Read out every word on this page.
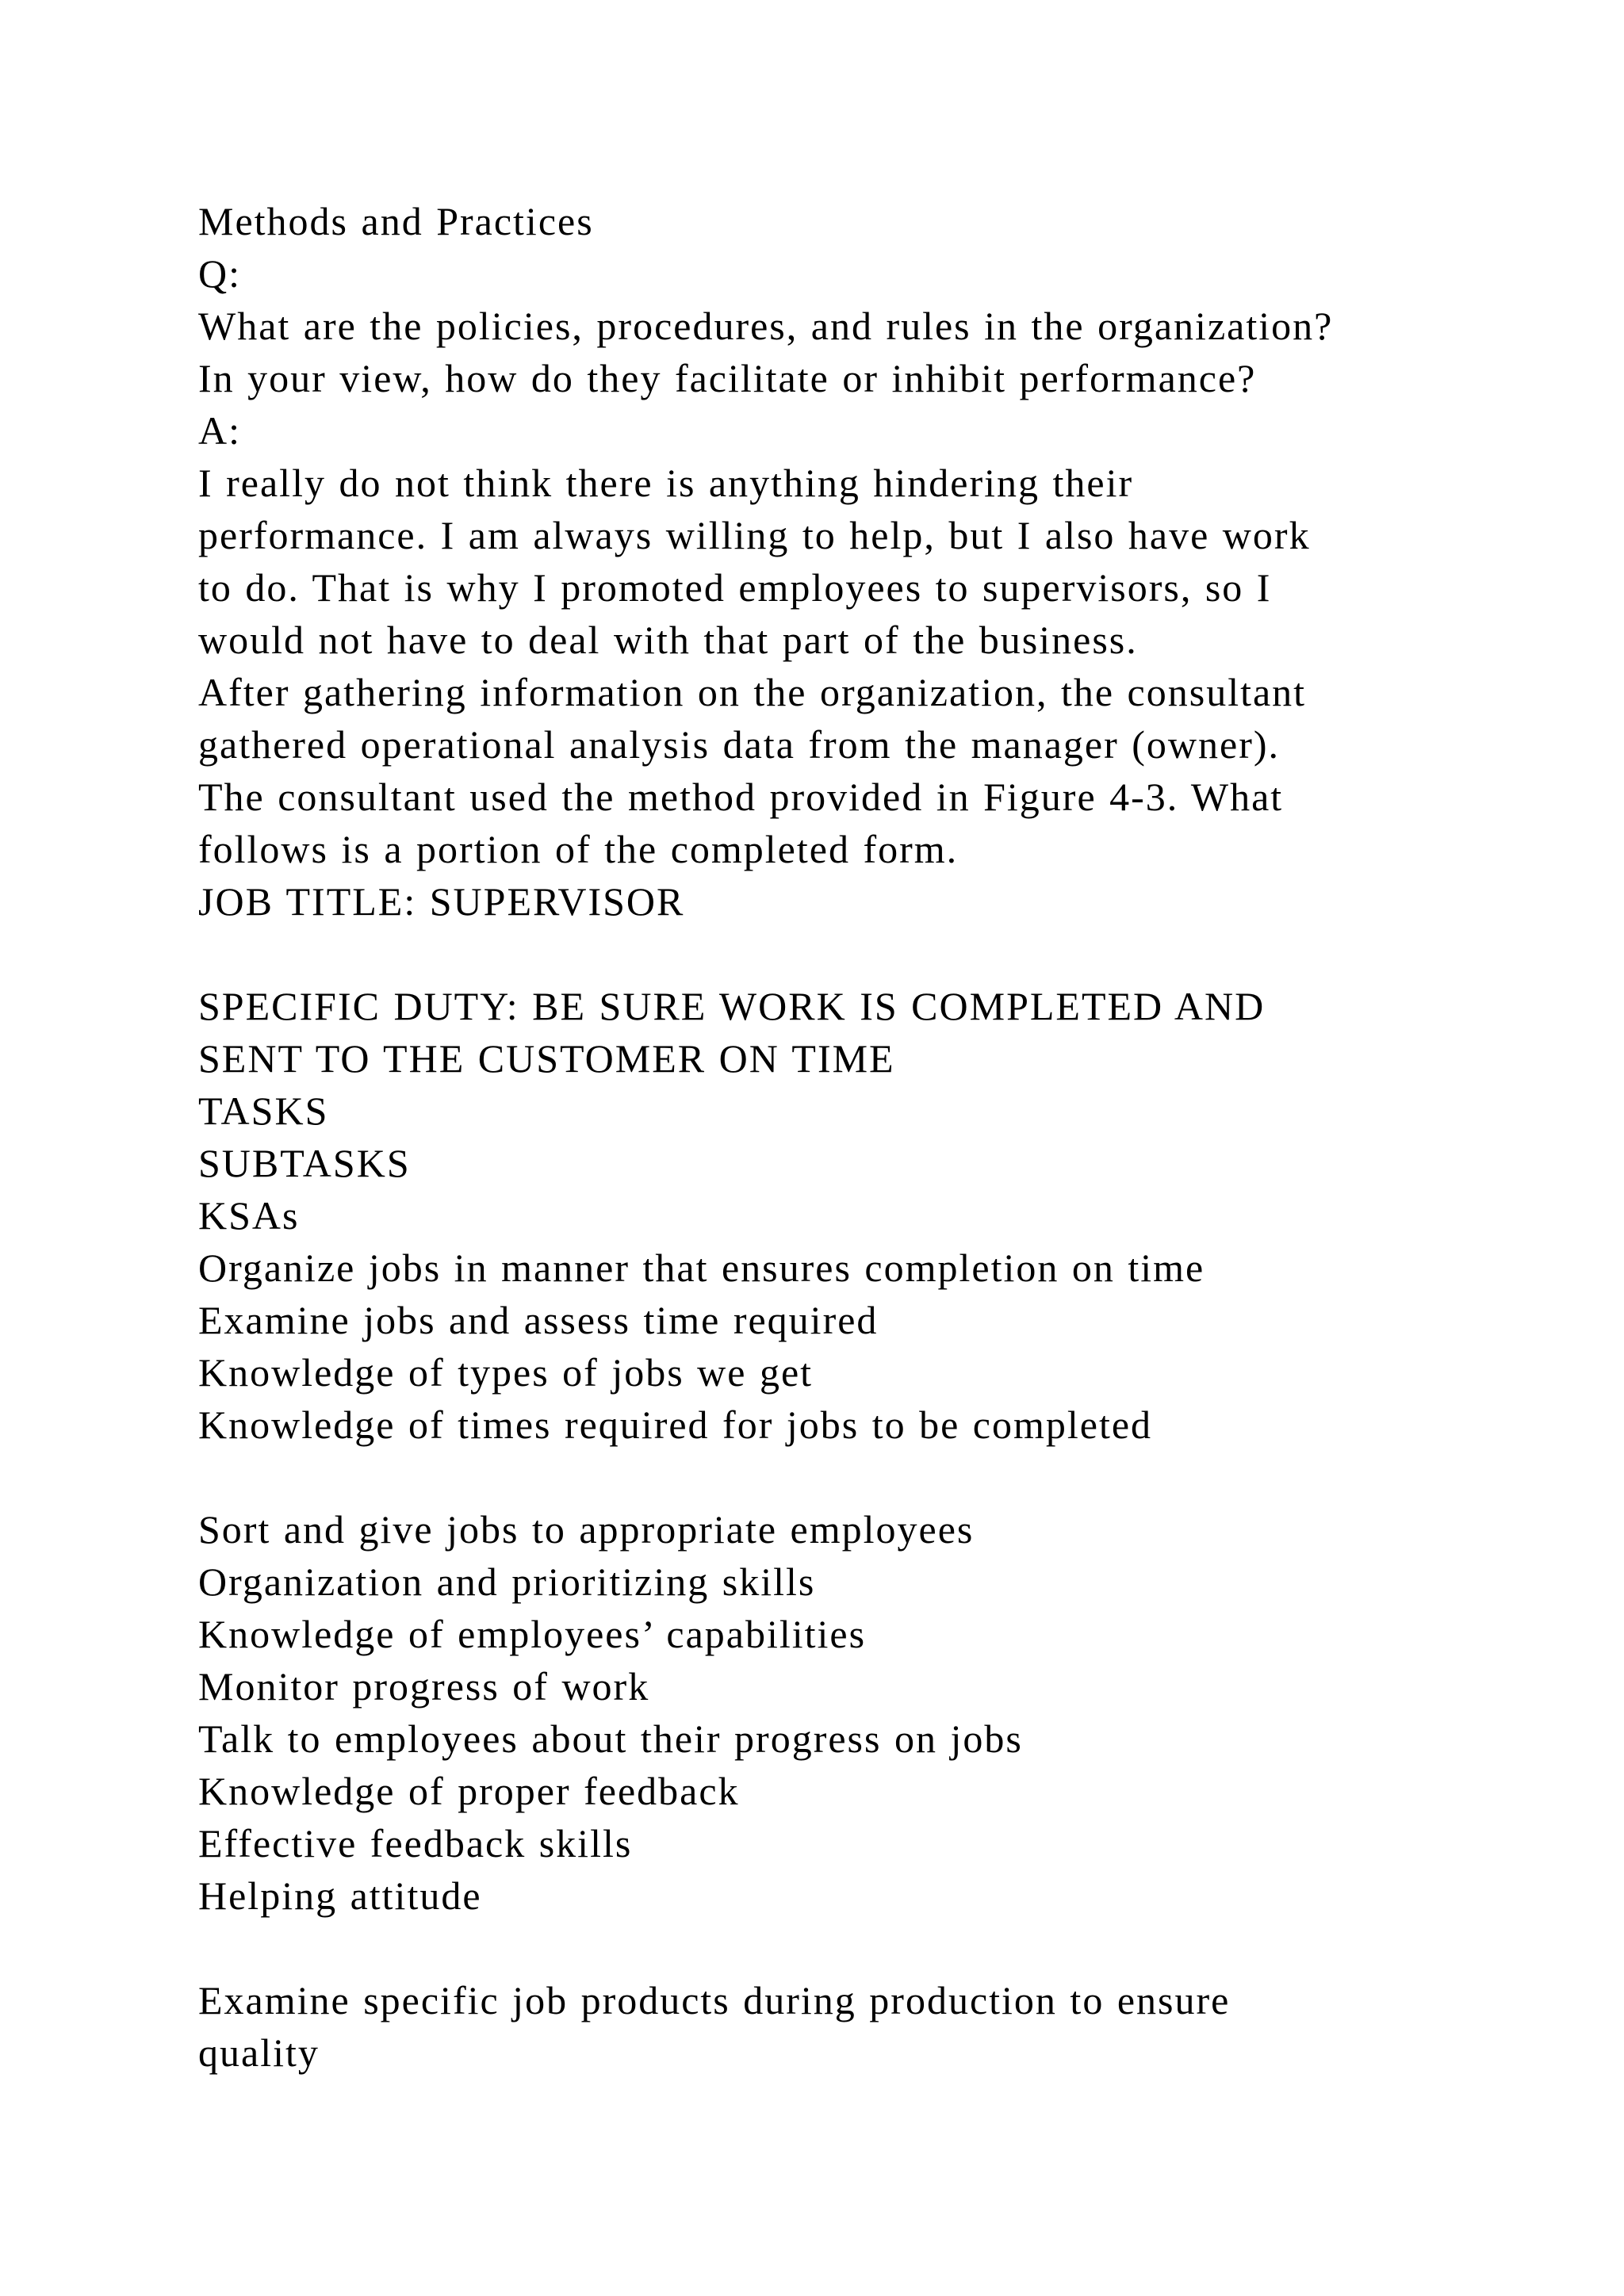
Methods and Practices
Q:
What are the policies, procedures, and rules in the organization?
In your view, how do they facilitate or inhibit performance?
A:
I really do not think there is anything hindering their
performance. I am always willing to help, but I also have work
to do. That is why I promoted employees to supervisors, so I
would not have to deal with that part of the business.
After gathering information on the organization, the consultant
gathered operational analysis data from the manager (owner).
The consultant used the method provided in Figure 4-3. What
follows is a portion of the completed form.
JOB TITLE: SUPERVISOR
SPECIFIC DUTY: BE SURE WORK IS COMPLETED AND
SENT TO THE CUSTOMER ON TIME
TASKS
SUBTASKS
KSAs
Organize jobs in manner that ensures completion on time
Examine jobs and assess time required
Knowledge of types of jobs we get
Knowledge of times required for jobs to be completed
Sort and give jobs to appropriate employees
Organization and prioritizing skills
Knowledge of employees’ capabilities
Monitor progress of work
Talk to employees about their progress on jobs
Knowledge of proper feedback
Effective feedback skills
Helping attitude
Examine specific job products during production to ensure
quality
